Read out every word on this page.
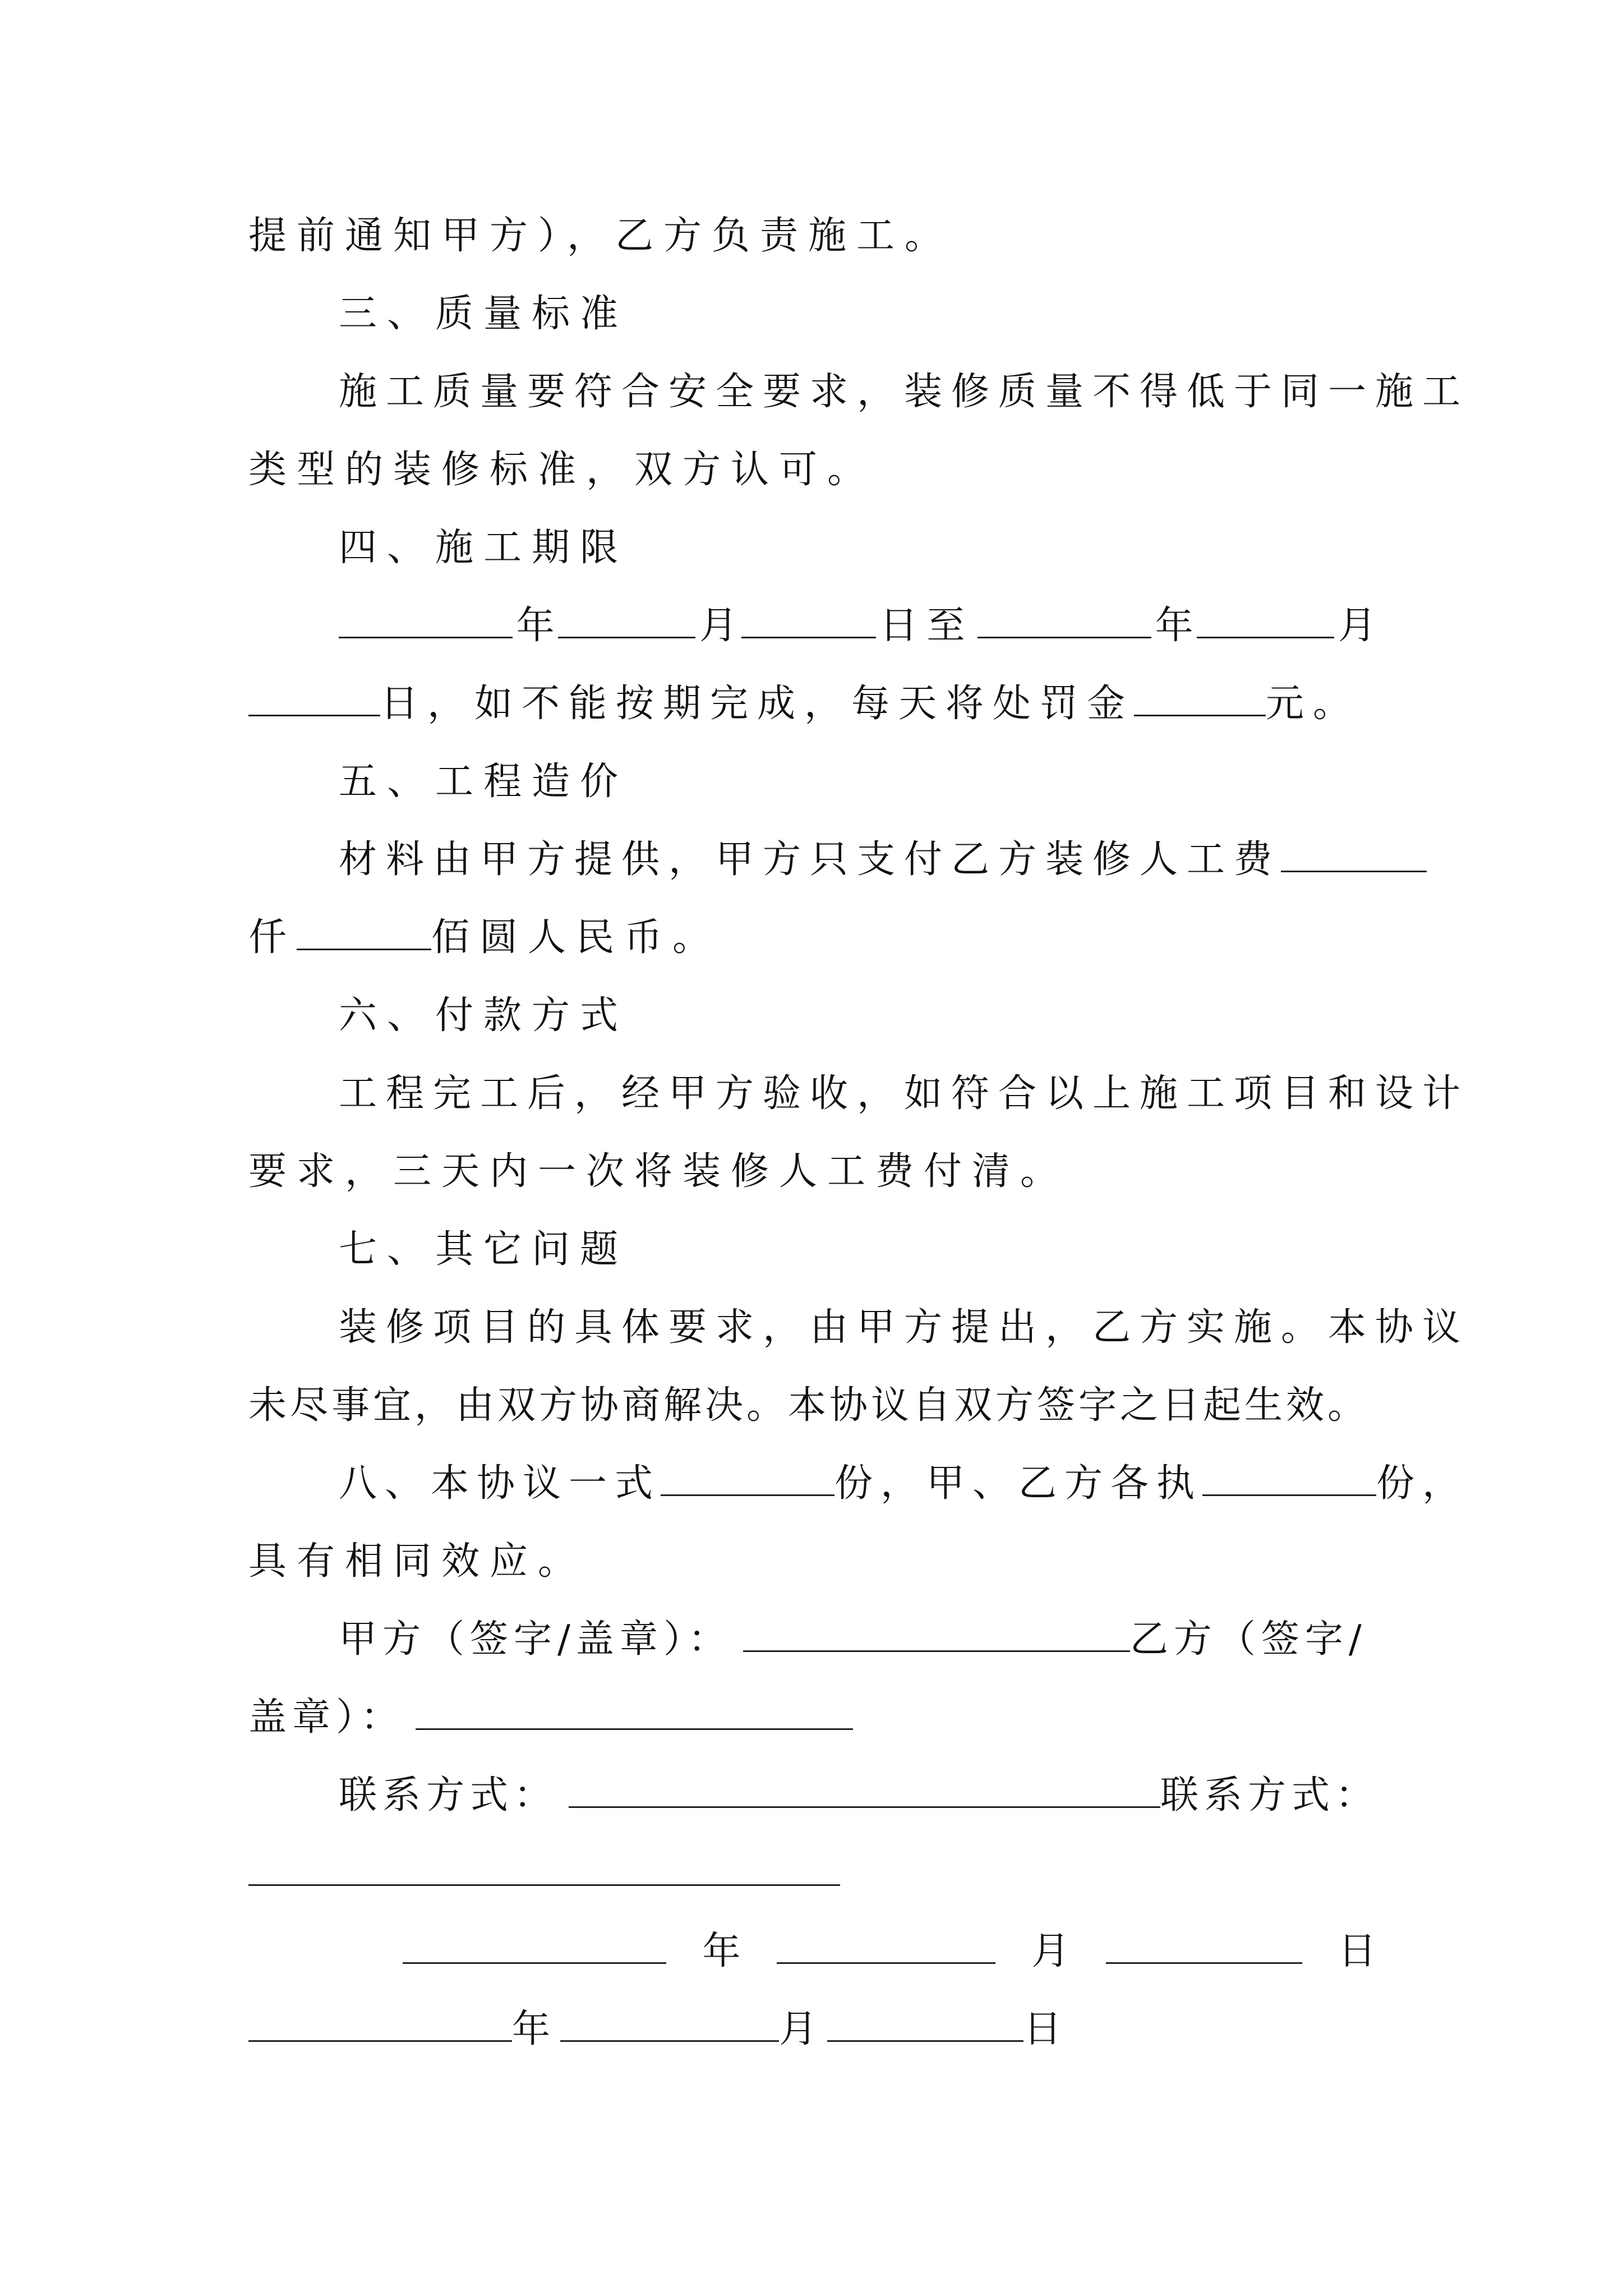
提前通知甲方），乙方负责施工。
三、质量标准
施工质量要符合安全要求，装修质量不得低于同一施工
类型的装修标准，双方认可。
四、施工期限
年	月	日至	年	月
日，如不能按期完成，每天将处罚金	元。
五、工程造价
材料由甲方提供，甲方只支付乙方装修人工费
仟	佰圆人民币。
六、付款方式
工程完工后，经甲方验收，如符合以上施工项目和设计
要求，三天内一次将装修人工费付清。
七、其它问题
装修项目的具体要求，由甲方提出，乙方实施。本协议
未尽事宜，由双方协商解决。本协议自双方签字之日起生效。
八、本协议一式	份，甲、乙方各执	份，
具有相同效应。
甲方（签字/盖章）：	乙方（签字/
盖章）：
联系方式：	联系方式：
年	月	日
年	月	日
